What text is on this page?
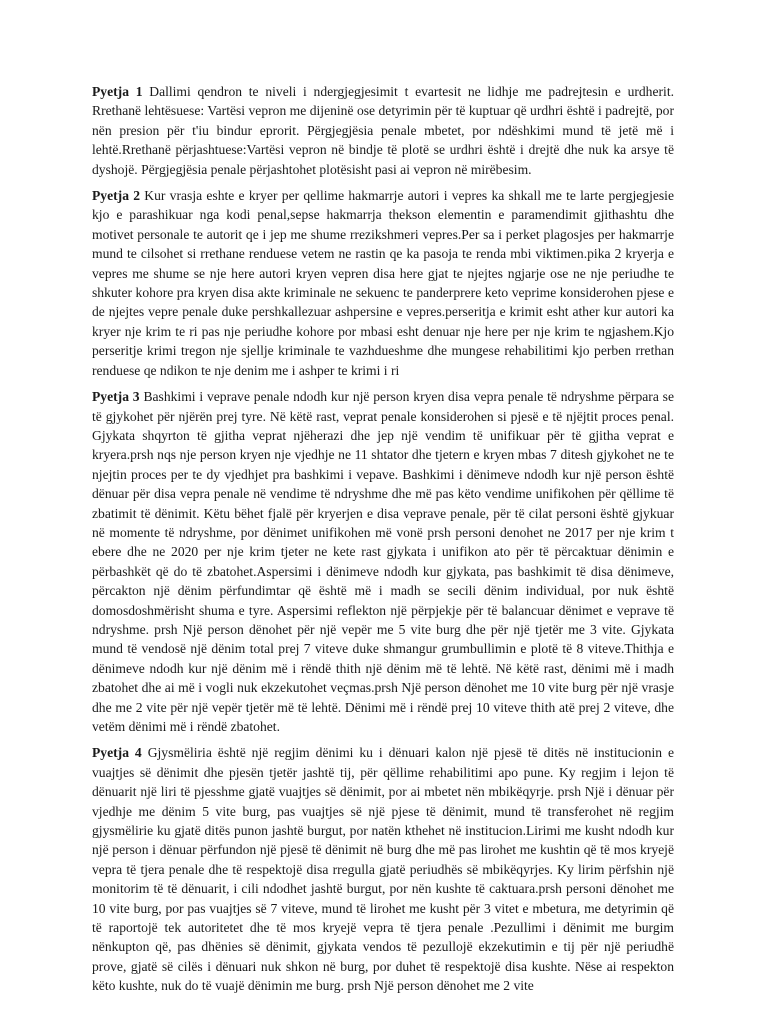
Pyetja 1 Dallimi qendron te niveli i ndergjegjesimit t evartesit ne lidhje me padrejtesin e urdherit. Rrethanë lehtësuese: Vartësi vepron me dijeninë ose detyrimin për të kuptuar që urdhri është i padrejtë, por nën presion për t'iu bindur eprorit. Përgjegjësia penale mbetet, por ndëshkimi mund të jetë më i lehtë.Rrethanë përjashtuese:Vartësi vepron në bindje të plotë se urdhri është i drejtë dhe nuk ka arsye të dyshojë. Përgjegjësia penale përjashtohet plotësisht pasi ai vepron në mirëbesim.

Pyetja 2 Kur vrasja eshte e kryer per qellime hakmarrje autori i vepres ka shkall me te larte pergjegjesie kjo e parashikuar nga kodi penal,sepse hakmarrja thekson elementin e paramendimit gjithashtu dhe motivet personale te autorit qe i jep me shume rrezikshmeri vepres.Per sa i perket plagosjes per hakmarrje mund te cilsohet si rrethane renduese vetem ne rastin qe ka pasoja te renda mbi viktimen.pika 2 kryerja e vepres me shume se nje here autori kryen vepren disa here gjat te njejtes ngjarje ose ne nje periudhe te shkuter kohore pra kryen disa akte kriminale ne sekuenc te panderprere keto veprime konsiderohen pjese e de njejtes vepre penale duke pershkallezuar ashpersine e vepres.perseritja e krimit esht ather kur autori ka kryer nje krim te ri pas nje periudhe kohore por mbasi esht denuar nje here per nje krim te ngjashem.Kjo perseritje krimi tregon nje sjellje kriminale te vazhdueshme dhe mungese rehabilitimi kjo perben rrethan renduese qe ndikon te nje denim me i ashper te krimi i ri

Pyetja 3 Bashkimi i veprave penale ndodh kur një person kryen disa vepra penale të ndryshme përpara se të gjykohet për njërën prej tyre. Në këtë rast, veprat penale konsiderohen si pjesë e të njëjtit proces penal. Gjykata shqyrton të gjitha veprat njëherazi dhe jep një vendim të unifikuar për të gjitha veprat e kryera.prsh nqs nje person kryen nje vjedhje ne 11 shtator dhe tjetern e kryen mbas 7 ditesh gjykohet ne te njejtin proces per te dy vjedhjet pra bashkimi i vepave. Bashkimi i dënimeve ndodh kur një person është dënuar për disa vepra penale në vendime të ndryshme dhe më pas këto vendime unifikohen për qëllime të zbatimit të dënimit. Këtu bëhet fjalë për kryerjen e disa veprave penale, për të cilat personi është gjykuar në momente të ndryshme, por dënimet unifikohen më vonë prsh personi denohet ne 2017 per nje krim t ebere dhe ne 2020 per nje krim tjeter ne kete rast gjykata i unifikon ato për të përcaktuar dënimin e përbashkët që do të zbatohet.Aspersimi i dënimeve ndodh kur gjykata, pas bashkimit të disa dënimeve, përcakton një dënim përfundimtar që është më i madh se secili dënim individual, por nuk është domosdoshmërisht shuma e tyre. Aspersimi reflekton një përpjekje për të balancuar dënimet e veprave të ndryshme. prsh Një person dënohet për një vepër me 5 vite burg dhe për një tjetër me 3 vite. Gjykata mund të vendosë një dënim total prej 7 viteve duke shmangur grumbullimin e plotë të 8 viteve.Thithja e dënimeve ndodh kur një dënim më i rëndë thith një dënim më të lehtë. Në këtë rast, dënimi më i madh zbatohet dhe ai më i vogli nuk ekzekutohet veçmas.prsh Një person dënohet me 10 vite burg për një vrasje dhe me 2 vite për një vepër tjetër më të lehtë. Dënimi më i rëndë prej 10 viteve thith atë prej 2 viteve, dhe vetëm dënimi më i rëndë zbatohet.

Pyetja 4 Gjysmëliria është një regjim dënimi ku i dënuari kalon një pjesë të ditës në institucionin e vuajtjes së dënimit dhe pjesën tjetër jashtë tij, për qëllime rehabilitimi apo pune. Ky regjim i lejon të dënuarit një liri të pjesshme gjatë vuajtjes së dënimit, por ai mbetet nën mbikëqyrje. prsh Një i dënuar për vjedhje me dënim 5 vite burg, pas vuajtjes së një pjese të dënimit, mund të transferohet në regjim gjysmëlirie ku gjatë ditës punon jashtë burgut, por natën kthehet në institucion.Lirimi me kusht ndodh kur një person i dënuar përfundon një pjesë të dënimit në burg dhe më pas lirohet me kushtin që të mos kryejë vepra të tjera penale dhe të respektojë disa rregulla gjatë periudhës së mbikëqyrjes. Ky lirim përfshin një monitorim të të dënuarit, i cili ndodhet jashtë burgut, por nën kushte të caktuara.prsh personi dënohet me 10 vite burg, por pas vuajtjes së 7 viteve, mund të lirohet me kusht për 3 vitet e mbetura, me detyrimin që të raportojë tek autoritetet dhe të mos kryejë vepra të tjera penale .Pezullimi i dënimit me burgim nënkupton që, pas dhënies së dënimit, gjykata vendos të pezullojë ekzekutimin e tij për një periudhë prove, gjatë së cilës i dënuari nuk shkon në burg, por duhet të respektojë disa kushte. Nëse ai respekton këto kushte, nuk do të vuajë dënimin me burg. prsh Një person dënohet me 2 vite
